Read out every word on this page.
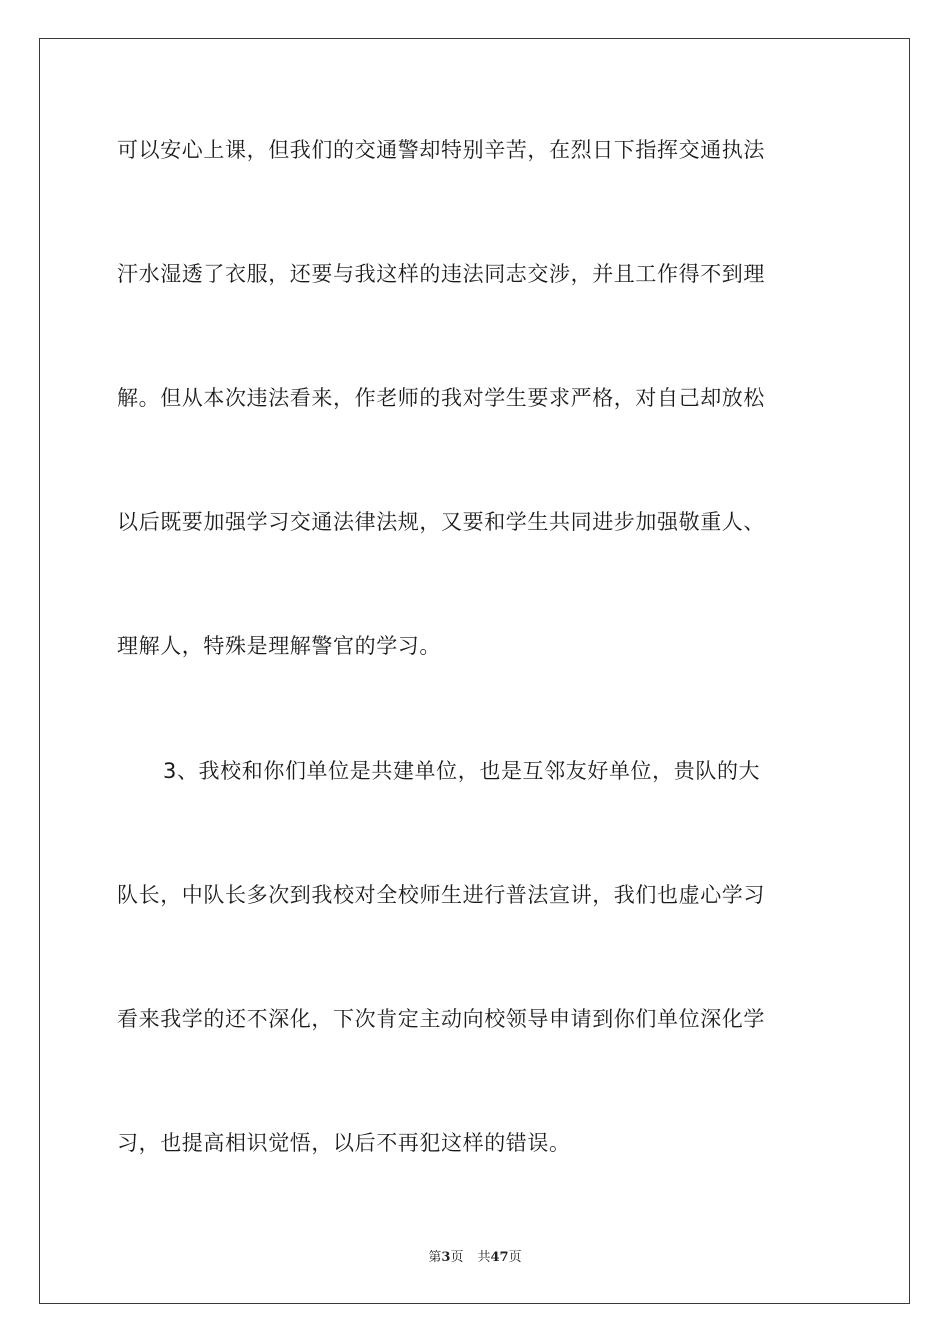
可以安心上课，但我们的交通警却特别辛苦，在烈日下指挥交通执法
汗水湿透了衣服，还要与我这样的违法同志交涉，并且工作得不到理
解。但从本次违法看来，作老师的我对学生要求严格，对自己却放松
以后既要加强学习交通法律法规，又要和学生共同进步加强敬重人、
理解人，特殊是理解警官的学习。
3、我校和你们单位是共建单位，也是互邻友好单位，贵队的大
队长，中队长多次到我校对全校师生进行普法宣讲，我们也虚心学习
看来我学的还不深化，下次肯定主动向校领导申请到你们单位深化学
习，也提高相识觉悟，以后不再犯这样的错误。
第3页 共47页
